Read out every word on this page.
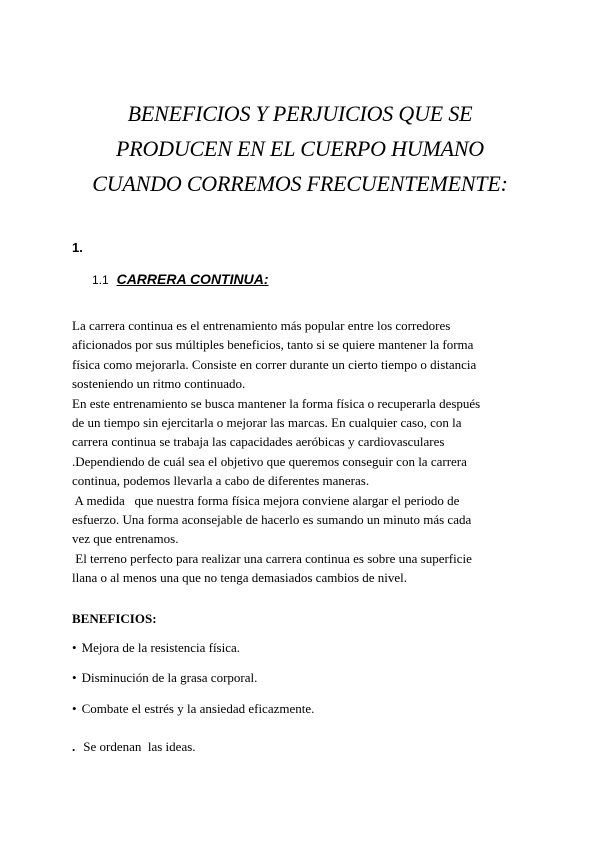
BENEFICIOS Y PERJUICIOS QUE SE
PRODUCEN EN EL CUERPO HUMANO
CUANDO CORREMOS FRECUENTEMENTE:
1.
1.1 CARRERA CONTINUA:
La carrera continua es el entrenamiento más popular entre los corredores
aficionados por sus múltiples beneficios, tanto si se quiere mantener la forma
física como mejorarla. Consiste en correr durante un cierto tiempo o distancia
sosteniendo un ritmo continuado.
En este entrenamiento se busca mantener la forma física o recuperarla después
de un tiempo sin ejercitarla o mejorar las marcas. En cualquier caso, con la
carrera continua se trabaja las capacidades aeróbicas y cardiovasculares
.Dependiendo de cuál sea el objetivo que queremos conseguir con la carrera
continua, podemos llevarla a cabo de diferentes maneras.
A medida   que nuestra forma física mejora conviene alargar el periodo de
esfuerzo. Una forma aconsejable de hacerlo es sumando un minuto más cada
vez que entrenamos.
El terreno perfecto para realizar una carrera continua es sobre una superficie
llana o al menos una que no tenga demasiados cambios de nivel.
BENEFICIOS:
• Mejora de la resistencia física.
• Disminución de la grasa corporal.
• Combate el estrés y la ansiedad eficazmente.
. Se ordenan  las ideas.
